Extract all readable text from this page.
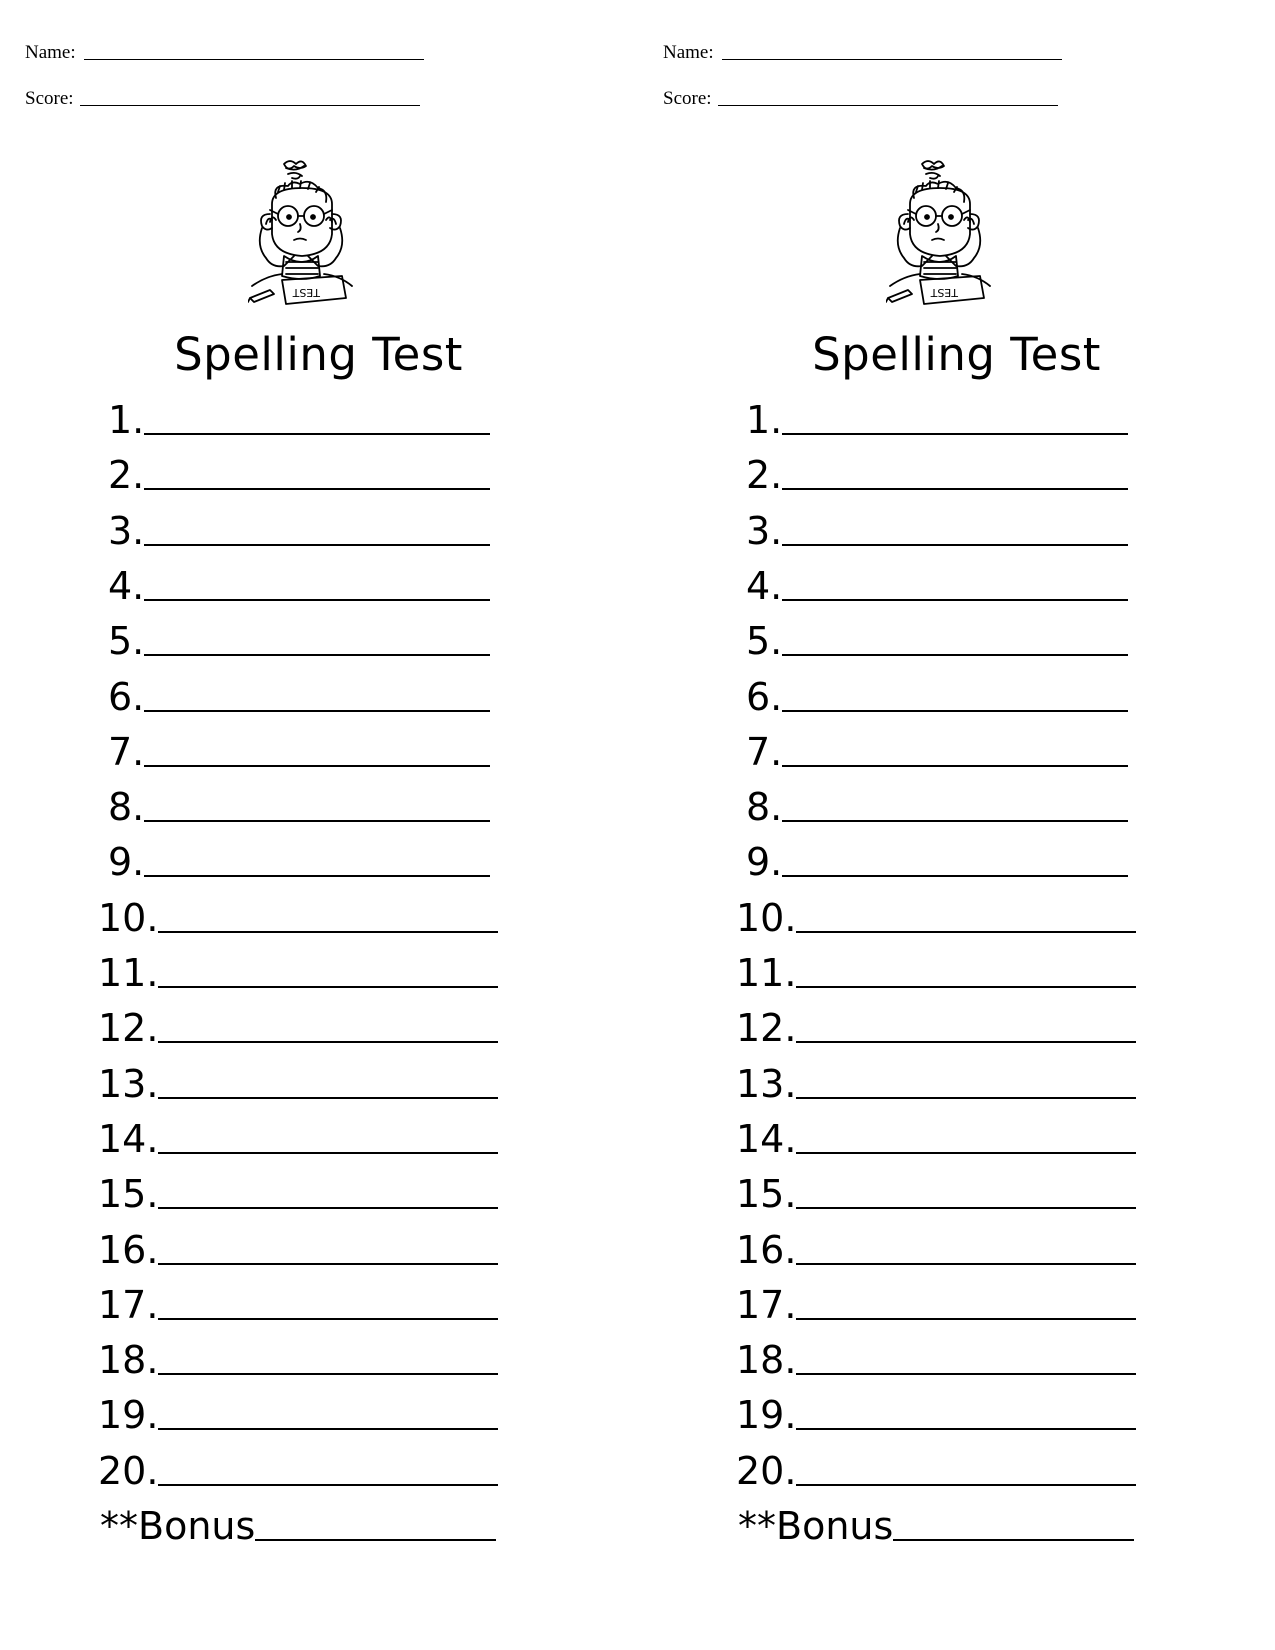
Name:
Score:
TEST
Spelling Test
1.
2.
3.
4.
5.
6.
7.
8.
9.
10.
11.
12.
13.
14.
15.
16.
17.
18.
19.
20.
**Bonus
Name:
Score:
TEST
Spelling Test
1.
2.
3.
4.
5.
6.
7.
8.
9.
10.
11.
12.
13.
14.
15.
16.
17.
18.
19.
20.
**Bonus
